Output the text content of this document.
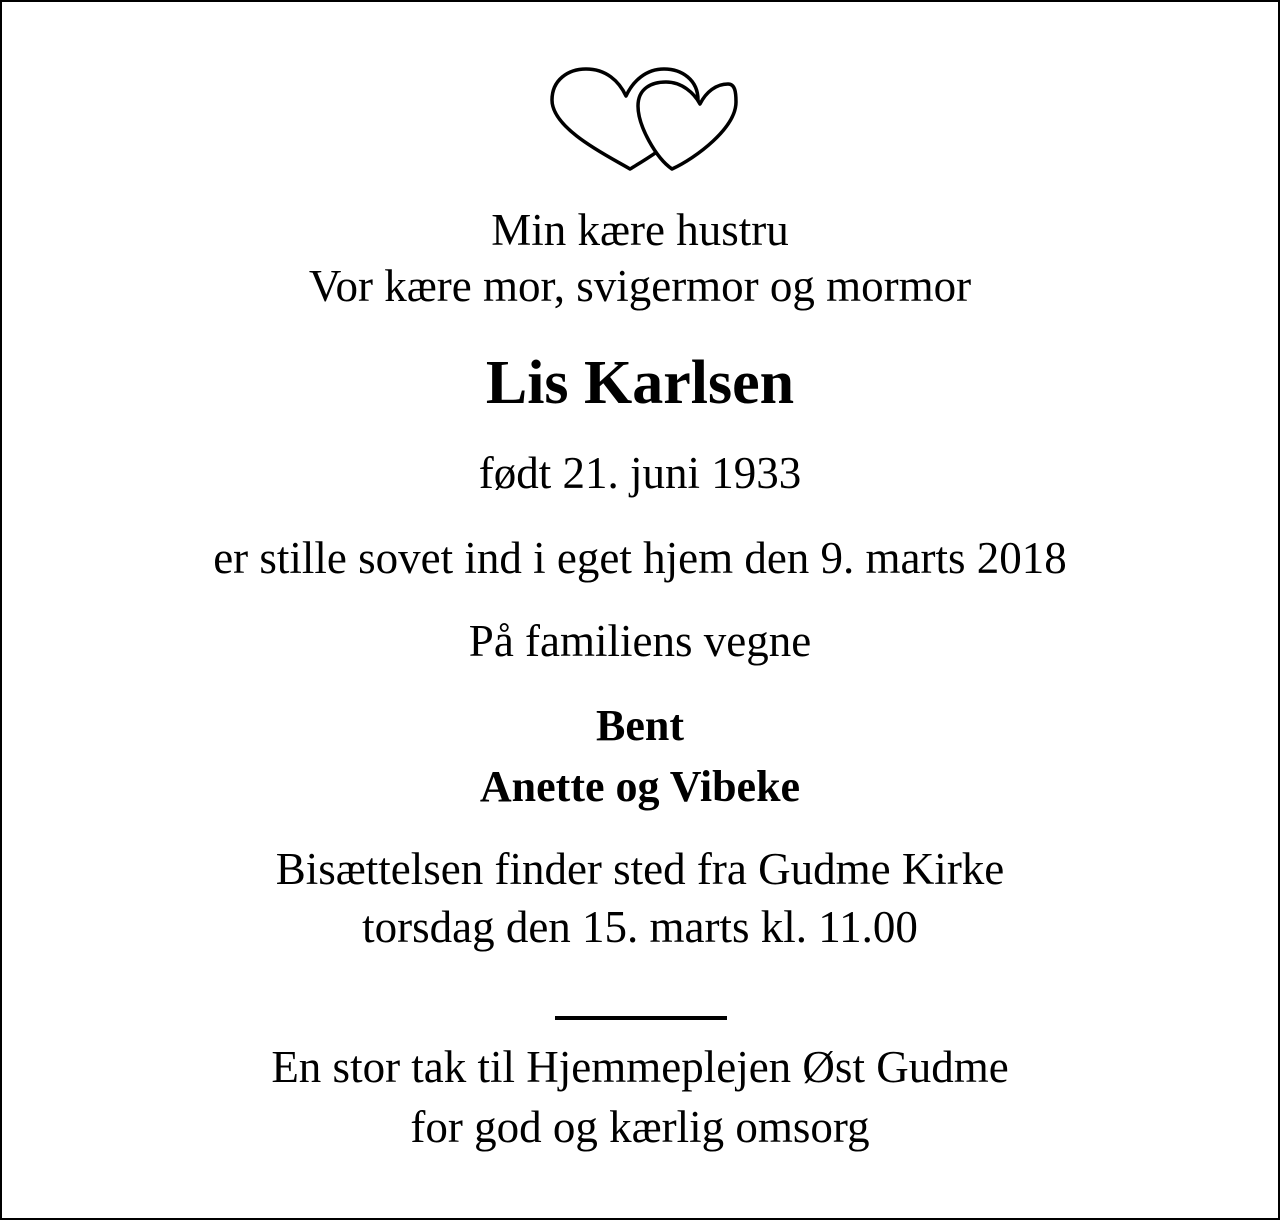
Min kære hustru
Vor kære mor, svigermor og mormor
Lis Karlsen
født 21. juni 1933
er stille sovet ind i eget hjem den 9. marts 2018
På familiens vegne
Bent
Anette og Vibeke
Bisættelsen finder sted fra Gudme Kirke
torsdag den 15. marts kl. 11.00
En stor tak til Hjemmeplejen Øst Gudme
for god og kærlig omsorg
